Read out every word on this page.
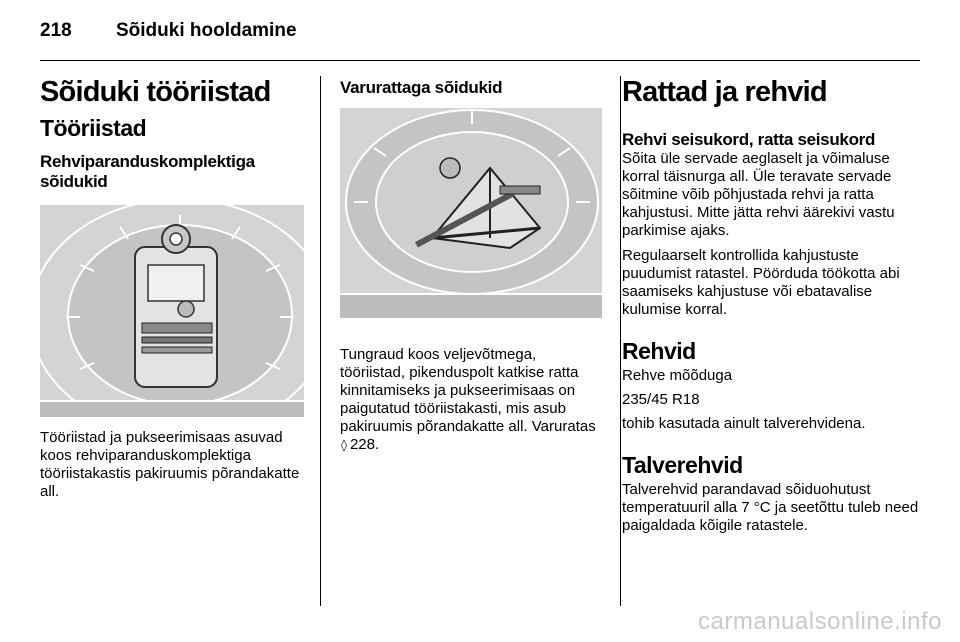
218 Sõiduki hooldamine

Sõiduki tööriistad

Tööriistad

Rehviparanduskomplektiga sõidukid

Tööriistad ja pukseerimisaas asuvad koos rehviparanduskomplektiga tööriistakastis pakiruumis põrandakatte all.

Varurattaga sõidukid

Tungraud koos veljevõtmega, tööriistad, pikenduspolt katkise ratta kinnitamiseks ja pukseerimisaas on paigutatud tööriistakasti, mis asub pakiruumis põrandakatte all. Varuratas ◊ 228.

Rattad ja rehvid

Rehvi seisukord, ratta seisukord

Sõita üle servade aeglaselt ja võimaluse korral täisnurga all. Üle teravate servade sõitmine võib põhjustada rehvi ja ratta kahjustusi. Mitte jätta rehvi äärekivi vastu parkimise ajaks.

Regulaarselt kontrollida kahjustuste puudumist ratastel. Pöörduda töökotta abi saamiseks kahjustuse või ebatavalise kulumise korral.

Rehvid

Rehve mõõduga

235/45 R18

tohib kasutada ainult talverehvidena.

Talverehvid

Talverehvid parandavad sõiduohutust temperatuuril alla 7 °C ja seetõttu tuleb need paigaldada kõigile ratastele.

carmanualsonline.info
